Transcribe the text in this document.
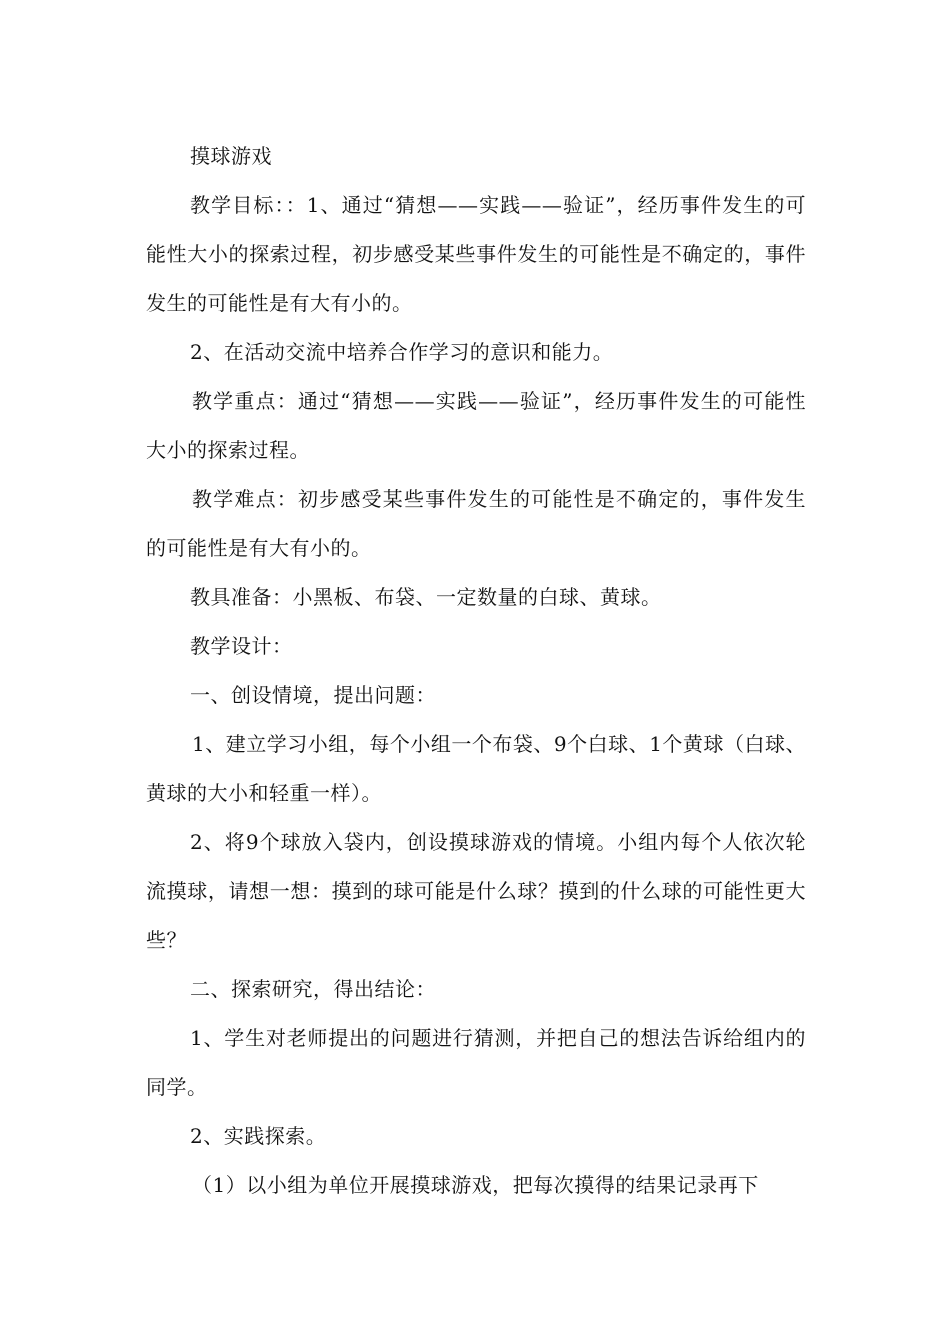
摸球游戏

教学目标：：1、通过“猜想——实践——验证”，经历事件发生的可能性大小的探索过程，初步感受某些事件发生的可能性是不确定的，事件发生的可能性是有大有小的。

2、在活动交流中培养合作学习的意识和能力。

教学重点：通过“猜想——实践——验证”，经历事件发生的可能性大小的探索过程。

教学难点：初步感受某些事件发生的可能性是不确定的，事件发生的可能性是有大有小的。

教具准备：小黑板、布袋、一定数量的白球、黄球。

教学设计：

一、创设情境，提出问题：

1、建立学习小组，每个小组一个布袋、9个白球、1个黄球（白球、黄球的大小和轻重一样）。

2、将9个球放入袋内，创设摸球游戏的情境。小组内每个人依次轮流摸球，请想一想：摸到的球可能是什么球？摸到的什么球的可能性更大些？

二、探索研究，得出结论：

1、学生对老师提出的问题进行猜测，并把自己的想法告诉给组内的同学。

2、实践探索。

（1）以小组为单位开展摸球游戏，把每次摸得的结果记录再下
